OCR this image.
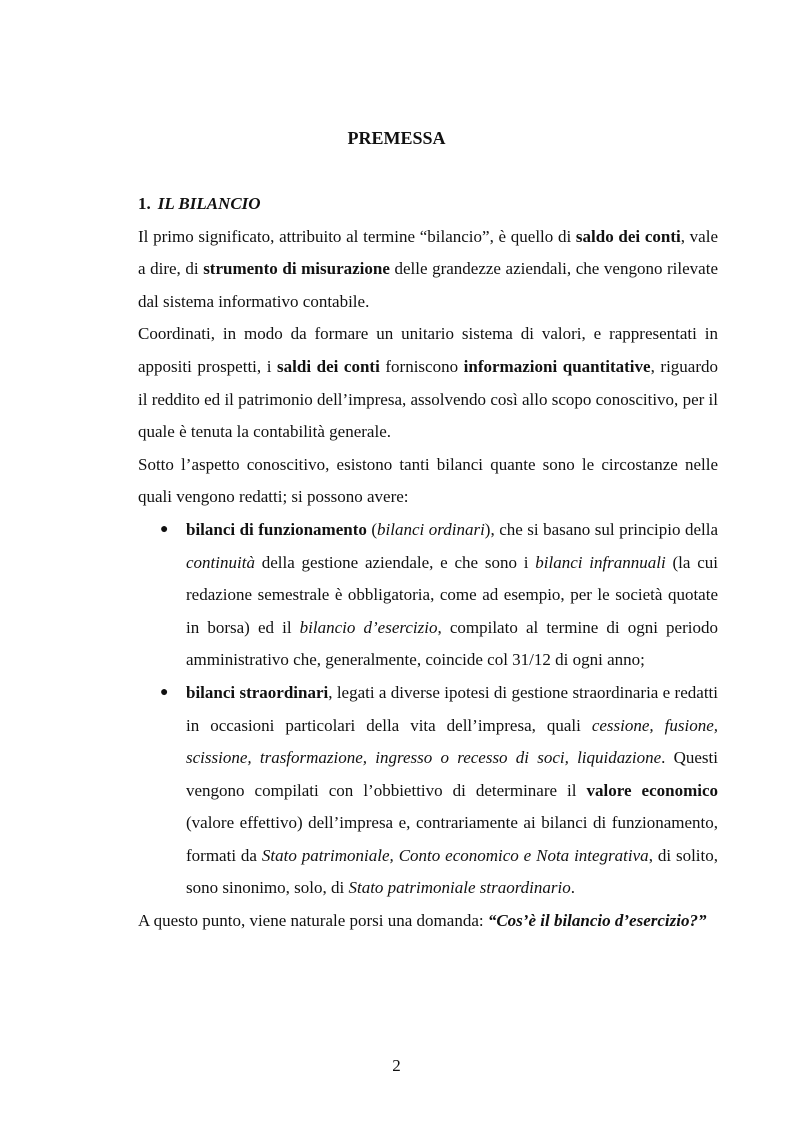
PREMESSA
1. IL BILANCIO

Il primo significato, attribuito al termine “bilancio”, è quello di saldo dei conti, vale a dire, di strumento di misurazione delle grandezze aziendali, che vengono rilevate dal sistema informativo contabile.

Coordinati, in modo da formare un unitario sistema di valori, e rappresentati in appositi prospetti, i saldi dei conti forniscono informazioni quantitative, riguardo il reddito ed il patrimonio dell’impresa, assolvendo così allo scopo conoscitivo, per il quale è tenuta la contabilità generale.

Sotto l’aspetto conoscitivo, esistono tanti bilanci quante sono le circostanze nelle quali vengono redatti; si possono avere:

● bilanci di funzionamento (bilanci ordinari), che si basano sul principio della continuità della gestione aziendale, e che sono i bilanci infrannuali (la cui redazione semestrale è obbligatoria, come ad esempio, per le società quotate in borsa) ed il bilancio d’esercizio, compilato al termine di ogni periodo amministrativo che, generalmente, coincide col 31/12 di ogni anno;
● bilanci straordinari, legati a diverse ipotesi di gestione straordinaria e redatti in occasioni particolari della vita dell’impresa, quali cessione, fusione, scissione, trasformazione, ingresso o recesso di soci, liquidazione. Questi vengono compilati con l’obbiettivo di determinare il valore economico (valore effettivo) dell’impresa e, contrariamente ai bilanci di funzionamento, formati da Stato patrimoniale, Conto economico e Nota integrativa, di solito, sono sinonimo, solo, di Stato patrimoniale straordinario.

A questo punto, viene naturale porsi una domanda: “Cos’è il bilancio d’esercizio?”

2
